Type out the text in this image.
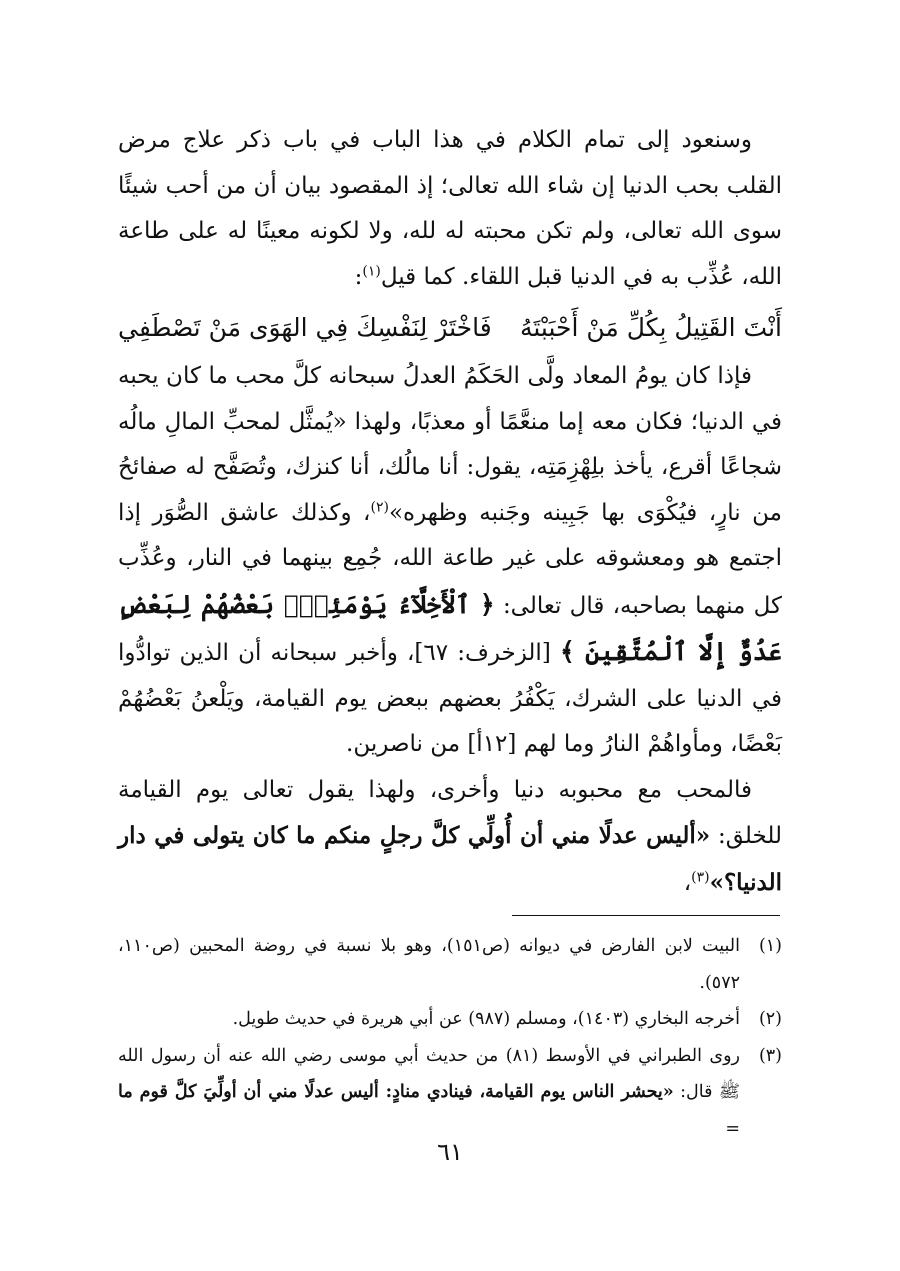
وسنعود إلى تمام الكلام في هذا الباب في باب ذكر علاج مرض القلب بحب الدنيا إن شاء الله تعالى؛ إذ المقصود بيان أن من أحب شيئًا سوى الله تعالى، ولم تكن محبته له لله، ولا لكونه معينًا له على طاعة الله، عُذِّب به في الدنيا قبل اللقاء. كما قيل$^{(١)}$:

أَنْتَ القَتِيلُ بِكُلِّ مَنْ أَحْبَبْتَهُ
فَاخْتَرْ لِنَفْسِكَ فِي الهَوَى مَنْ تَصْطَفِي

فإذا كان يومُ المعاد ولَّى الحَكَمُ العدلُ سبحانه كلَّ محب ما كان يحبه في الدنيا؛ فكان معه إما منعَّمًا أو معذبًا، ولهذا «يُمثَّل لمحبِّ المالِ مالُه شجاعًا أقرع، يأخذ بلِهْزِمَتِه، يقول: أنا مالُك، أنا كنزك، وتُصَفَّح له صفائحُ من نارٍ، فيُكْوَى بها جَبِينه وجَنبه وظهره»$^{(٢)}$، وكذلك عاشق الصُّوَر إذا اجتمع هو ومعشوقه على غير طاعة الله، جُمِع بينهما في النار، وعُذِّب كل منهما بصاحبه، قال تعالى: ﴿ ٱلْأَخِلَّآءُ يَوْمَئِذٍۭ بَعْضُهُمْ لِبَعْضٍ عَدُوٌّ إِلَّا ٱلْمُتَّقِينَ ﴾ [الزخرف: ٦٧]، وأخبر سبحانه أن الذين توادُّوا في الدنيا على الشرك، يَكْفُرُ بعضهم ببعض يوم القيامة، ويَلْعنُ بَعْضُهُمْ بَعْضًا، ومأواهُمْ النارُ وما لهم [١٢أ] من ناصرين.

فالمحب مع محبوبه دنيا وأخرى، ولهذا يقول تعالى يوم القيامة للخلق: «أليس عدلًا مني أن أُولِّي كلَّ رجلٍ منكم ما كان يتولى في دار الدنيا؟»$^{(٣)}$،

(١)
البيت لابن الفارض في ديوانه (ص١٥١)، وهو بلا نسبة في روضة المحبين (ص١١٠، ٥٧٢).
(٢)
أخرجه البخاري (١٤٠٣)، ومسلم (٩٨٧) عن أبي هريرة في حديث طويل.
(٣)
روى الطبراني في الأوسط (٨١) من حديث أبي موسى رضي الله عنه أن رسول الله ﷺ قال: «يحشر الناس يوم القيامة، فينادي منادٍ: أليس عدلًا مني أن أولِّيَ كلَّ قوم ما =
٦١
